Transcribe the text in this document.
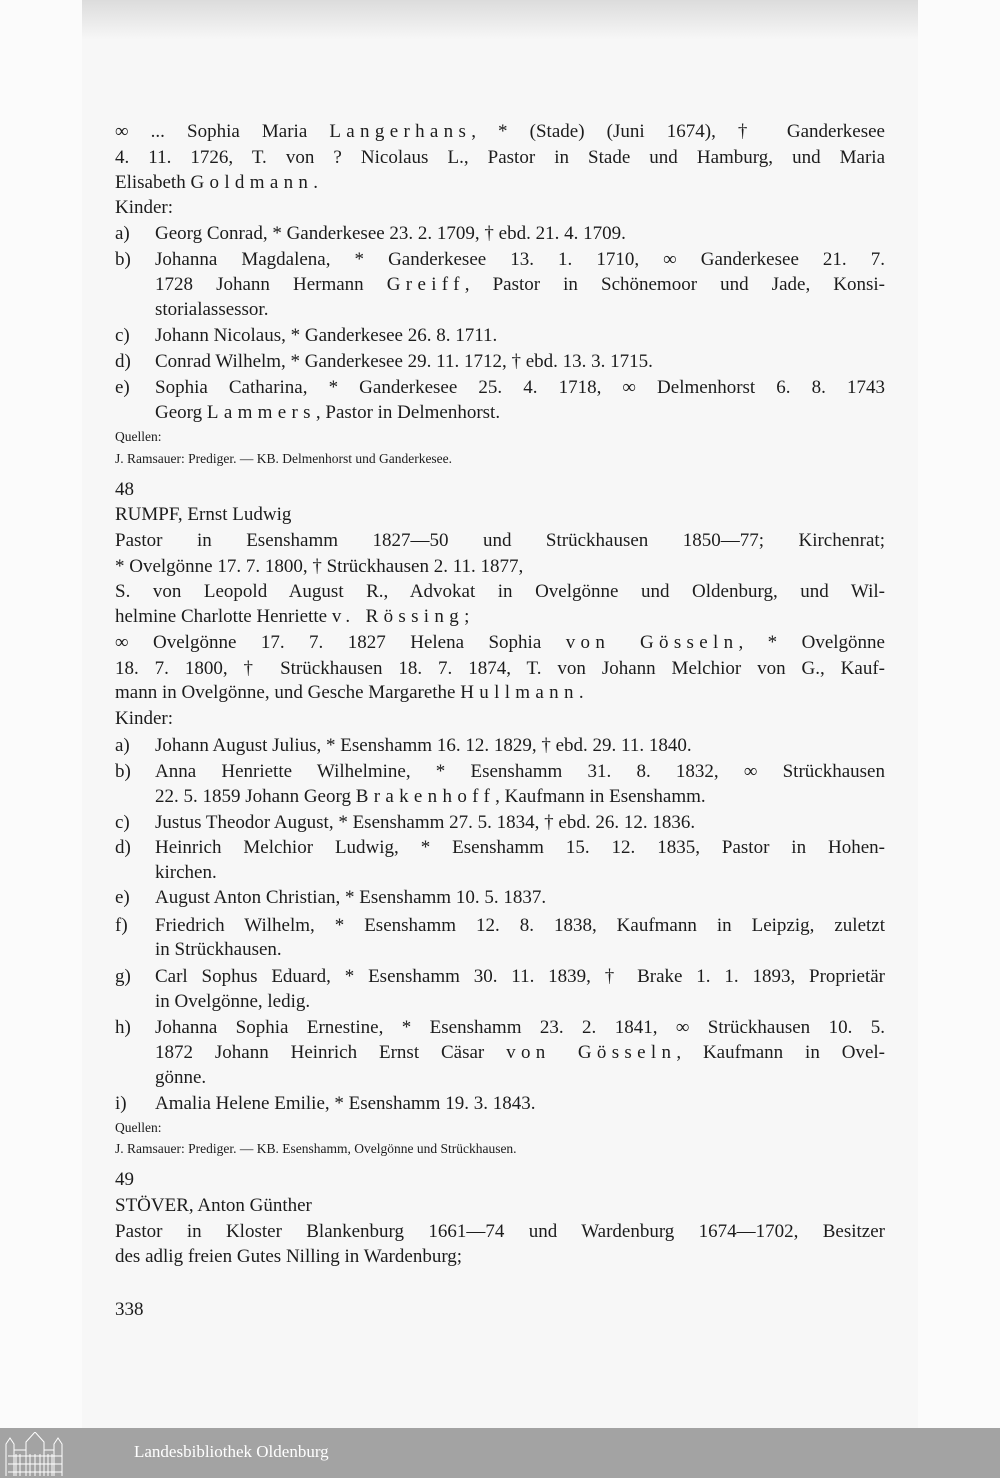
∞ ... Sophia Maria Langerhans, * (Stade) (Juni 1674), † Ganderkesee
4. 11. 1726, T. von ? Nicolaus L., Pastor in Stade und Hamburg, und Maria
Elisabeth Goldmann.
Kinder:
a) Georg Conrad, * Ganderkesee 23. 2. 1709, † ebd. 21. 4. 1709.
b) Johanna Magdalena, * Ganderkesee 13. 1. 1710, ∞ Ganderkesee 21. 7.
1728 Johann Hermann Greiff, Pastor in Schönemoor und Jade, Konsi-
storialassessor.
c) Johann Nicolaus, * Ganderkesee 26. 8. 1711.
d) Conrad Wilhelm, * Ganderkesee 29. 11. 1712, † ebd. 13. 3. 1715.
e) Sophia Catharina, * Ganderkesee 25. 4. 1718, ∞ Delmenhorst 6. 8. 1743
Georg Lammers, Pastor in Delmenhorst.
Quellen:
J. Ramsauer: Prediger. — KB. Delmenhorst und Ganderkesee.
48
RUMPF, Ernst Ludwig
Pastor in Esenshamm 1827—50 und Strückhausen 1850—77; Kirchenrat;
* Ovelgönne 17. 7. 1800, † Strückhausen 2. 11. 1877,
S. von Leopold August R., Advokat in Ovelgönne und Oldenburg, und Wil-
helmine Charlotte Henriette v. Rössing;
∞ Ovelgönne 17. 7. 1827 Helena Sophia von Gösseln, * Ovelgönne
18. 7. 1800, † Strückhausen 18. 7. 1874, T. von Johann Melchior von G., Kauf-
mann in Ovelgönne, und Gesche Margarethe Hullmann.
Kinder:
a) Johann August Julius, * Esenshamm 16. 12. 1829, † ebd. 29. 11. 1840.
b) Anna Henriette Wilhelmine, * Esenshamm 31. 8. 1832, ∞ Strückhausen
22. 5. 1859 Johann Georg Brakenhoff, Kaufmann in Esenshamm.
c) Justus Theodor August, * Esenshamm 27. 5. 1834, † ebd. 26. 12. 1836.
d) Heinrich Melchior Ludwig, * Esenshamm 15. 12. 1835, Pastor in Hohen-
kirchen.
e) August Anton Christian, * Esenshamm 10. 5. 1837.
f) Friedrich Wilhelm, * Esenshamm 12. 8. 1838, Kaufmann in Leipzig, zuletzt
in Strückhausen.
g) Carl Sophus Eduard, * Esenshamm 30. 11. 1839, † Brake 1. 1. 1893, Proprietär
in Ovelgönne, ledig.
h) Johanna Sophia Ernestine, * Esenshamm 23. 2. 1841, ∞ Strückhausen 10. 5.
1872 Johann Heinrich Ernst Cäsar von Gösseln, Kaufmann in Ovel-
gönne.
i) Amalia Helene Emilie, * Esenshamm 19. 3. 1843.
Quellen:
J. Ramsauer: Prediger. — KB. Esenshamm, Ovelgönne und Strückhausen.
49
STÖVER, Anton Günther
Pastor in Kloster Blankenburg 1661—74 und Wardenburg 1674—1702, Besitzer
des adlig freien Gutes Nilling in Wardenburg;
338
Landesbibliothek Oldenburg
